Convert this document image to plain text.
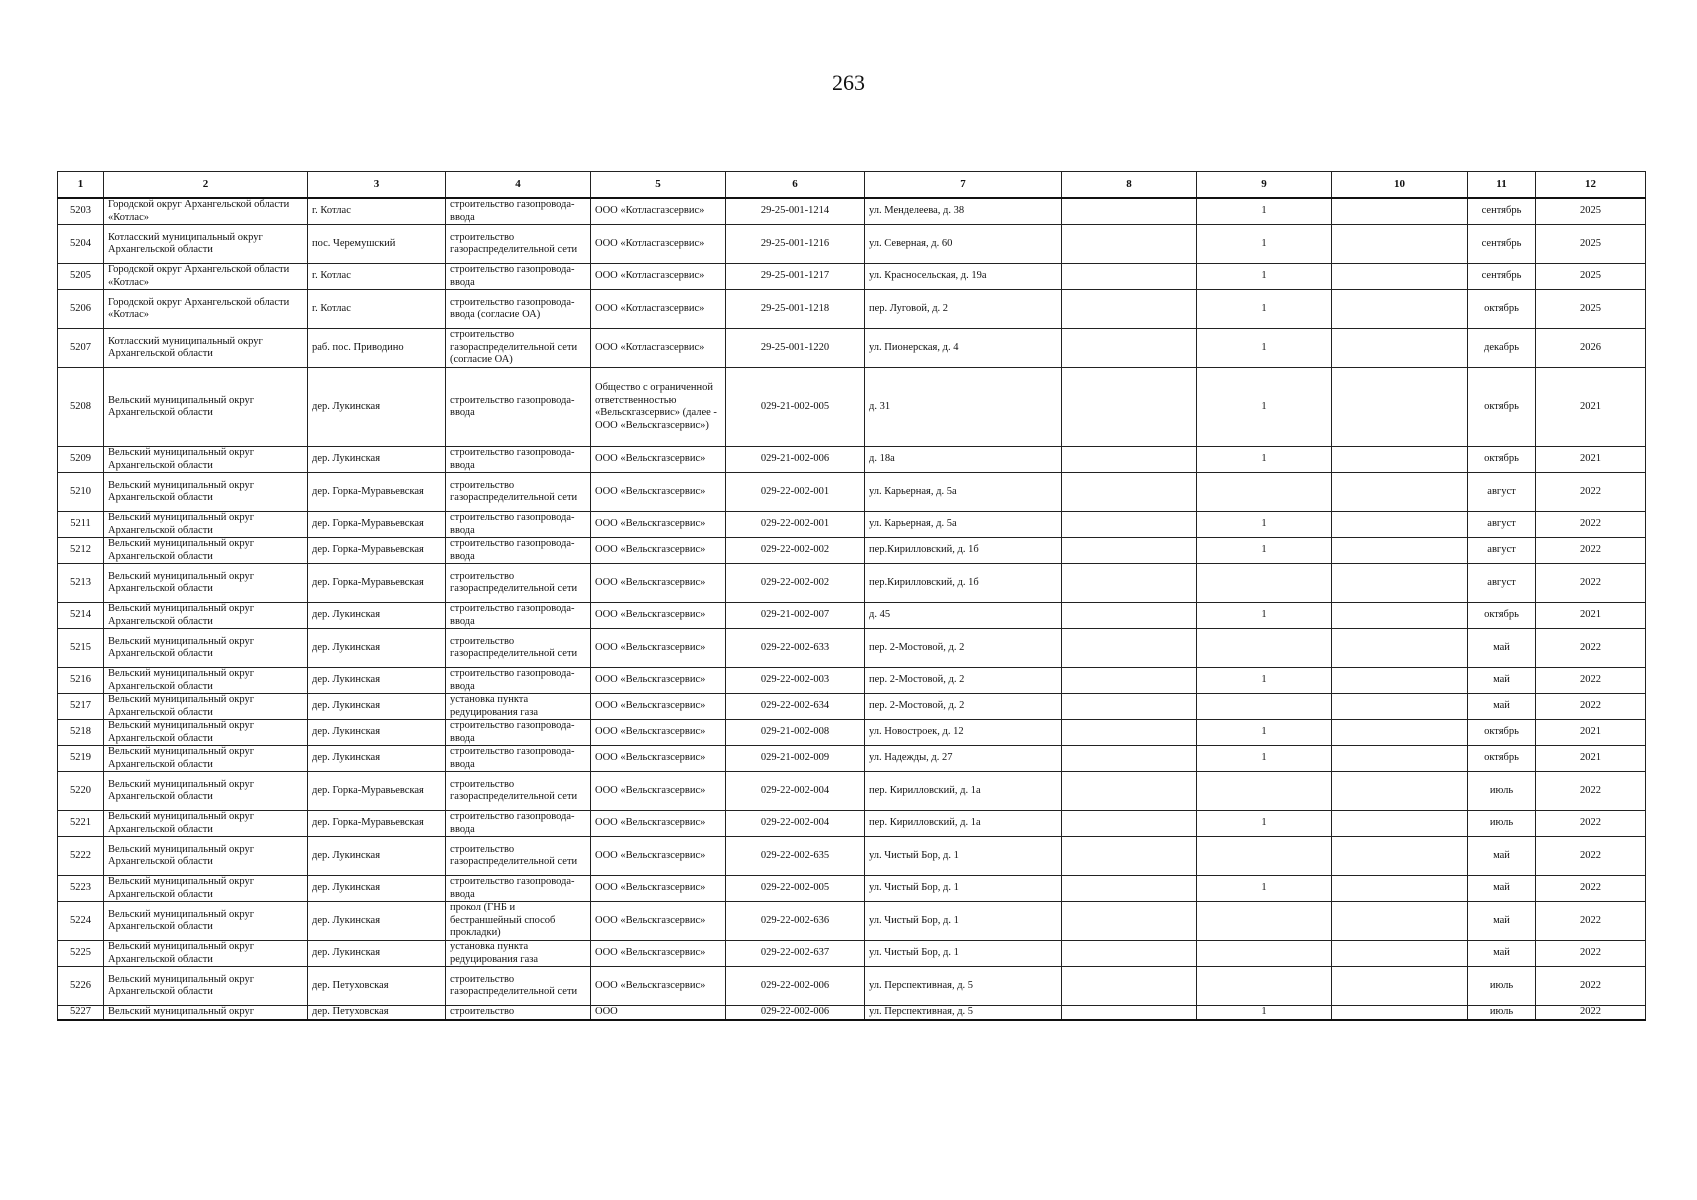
263
1	2	3	4	5	6	7	8	9	10	11	12
5203	Городской округ Архангельской области «Котлас»	г. Котлас	строительство газопровода-ввода	ООО «Котласгазсервис»	29-25-001-1214	ул. Менделеева, д. 38		1		сентябрь	2025
5204	Котласский муниципальный округ Архангельской области	пос. Черемушский	строительство газораспределительной сети	ООО «Котласгазсервис»	29-25-001-1216	ул. Северная, д. 60		1		сентябрь	2025
5205	Городской округ Архангельской области «Котлас»	г. Котлас	строительство газопровода-ввода	ООО «Котласгазсервис»	29-25-001-1217	ул. Красносельская, д. 19а		1		сентябрь	2025
5206	Городской округ Архангельской области «Котлас»	г. Котлас	строительство газопровода-ввода (согласие ОА)	ООО «Котласгазсервис»	29-25-001-1218	пер. Луговой, д. 2		1		октябрь	2025
5207	Котласский муниципальный округ Архангельской области	раб. пос. Приводино	строительство газораспределительной сети (согласие ОА)	ООО «Котласгазсервис»	29-25-001-1220	ул. Пионерская, д. 4		1		декабрь	2026
5208	Вельский муниципальный округ Архангельской области	дер. Лукинская	строительство газопровода-ввода	Общество с ограниченной ответственностью «Вельскгазсервис» (далее - ООО «Вельскгазсервис»)	029-21-002-005	д. 31		1		октябрь	2021
5209	Вельский муниципальный округ Архангельской области	дер. Лукинская	строительство газопровода-ввода	ООО «Вельскгазсервис»	029-21-002-006	д. 18а		1		октябрь	2021
5210	Вельский муниципальный округ Архангельской области	дер. Горка-Муравьевская	строительство газораспределительной сети	ООО «Вельскгазсервис»	029-22-002-001	ул. Карьерная, д. 5а				август	2022
5211	Вельский муниципальный округ Архангельской области	дер. Горка-Муравьевская	строительство газопровода-ввода	ООО «Вельскгазсервис»	029-22-002-001	ул. Карьерная, д. 5а		1		август	2022
5212	Вельский муниципальный округ Архангельской области	дер. Горка-Муравьевская	строительство газопровода-ввода	ООО «Вельскгазсервис»	029-22-002-002	пер.Кирилловский, д. 1б		1		август	2022
5213	Вельский муниципальный округ Архангельской области	дер. Горка-Муравьевская	строительство газораспределительной сети	ООО «Вельскгазсервис»	029-22-002-002	пер.Кирилловский, д. 1б				август	2022
5214	Вельский муниципальный округ Архангельской области	дер. Лукинская	строительство газопровода-ввода	ООО «Вельскгазсервис»	029-21-002-007	д. 45		1		октябрь	2021
5215	Вельский муниципальный округ Архангельской области	дер. Лукинская	строительство газораспределительной сети	ООО «Вельскгазсервис»	029-22-002-633	пер. 2-Мостовой, д. 2				май	2022
5216	Вельский муниципальный округ Архангельской области	дер. Лукинская	строительство газопровода-ввода	ООО «Вельскгазсервис»	029-22-002-003	пер. 2-Мостовой, д. 2		1		май	2022
5217	Вельский муниципальный округ Архангельской области	дер. Лукинская	установка пункта редуцирования газа	ООО «Вельскгазсервис»	029-22-002-634	пер. 2-Мостовой, д. 2				май	2022
5218	Вельский муниципальный округ Архангельской области	дер. Лукинская	строительство газопровода-ввода	ООО «Вельскгазсервис»	029-21-002-008	ул. Новостроек, д. 12		1		октябрь	2021
5219	Вельский муниципальный округ Архангельской области	дер. Лукинская	строительство газопровода-ввода	ООО «Вельскгазсервис»	029-21-002-009	ул. Надежды, д. 27		1		октябрь	2021
5220	Вельский муниципальный округ Архангельской области	дер. Горка-Муравьевская	строительство газораспределительной сети	ООО «Вельскгазсервис»	029-22-002-004	пер. Кирилловский, д. 1а				июль	2022
5221	Вельский муниципальный округ Архангельской области	дер. Горка-Муравьевская	строительство газопровода-ввода	ООО «Вельскгазсервис»	029-22-002-004	пер. Кирилловский, д. 1а		1		июль	2022
5222	Вельский муниципальный округ Архангельской области	дер. Лукинская	строительство газораспределительной сети	ООО «Вельскгазсервис»	029-22-002-635	ул. Чистый Бор, д. 1				май	2022
5223	Вельский муниципальный округ Архангельской области	дер. Лукинская	строительство газопровода-ввода	ООО «Вельскгазсервис»	029-22-002-005	ул. Чистый Бор, д. 1		1		май	2022
5224	Вельский муниципальный округ Архангельской области	дер. Лукинская	прокол (ГНБ и бестраншейный способ прокладки)	ООО «Вельскгазсервис»	029-22-002-636	ул. Чистый Бор, д. 1				май	2022
5225	Вельский муниципальный округ Архангельской области	дер. Лукинская	установка пункта редуцирования газа	ООО «Вельскгазсервис»	029-22-002-637	ул. Чистый Бор, д. 1				май	2022
5226	Вельский муниципальный округ Архангельской области	дер. Петуховская	строительство газораспределительной сети	ООО «Вельскгазсервис»	029-22-002-006	ул. Перспективная, д. 5				июль	2022
5227	Вельский муниципальный округ	дер. Петуховская	строительство	ООО	029-22-002-006	ул. Перспективная, д. 5		1		июль	2022
